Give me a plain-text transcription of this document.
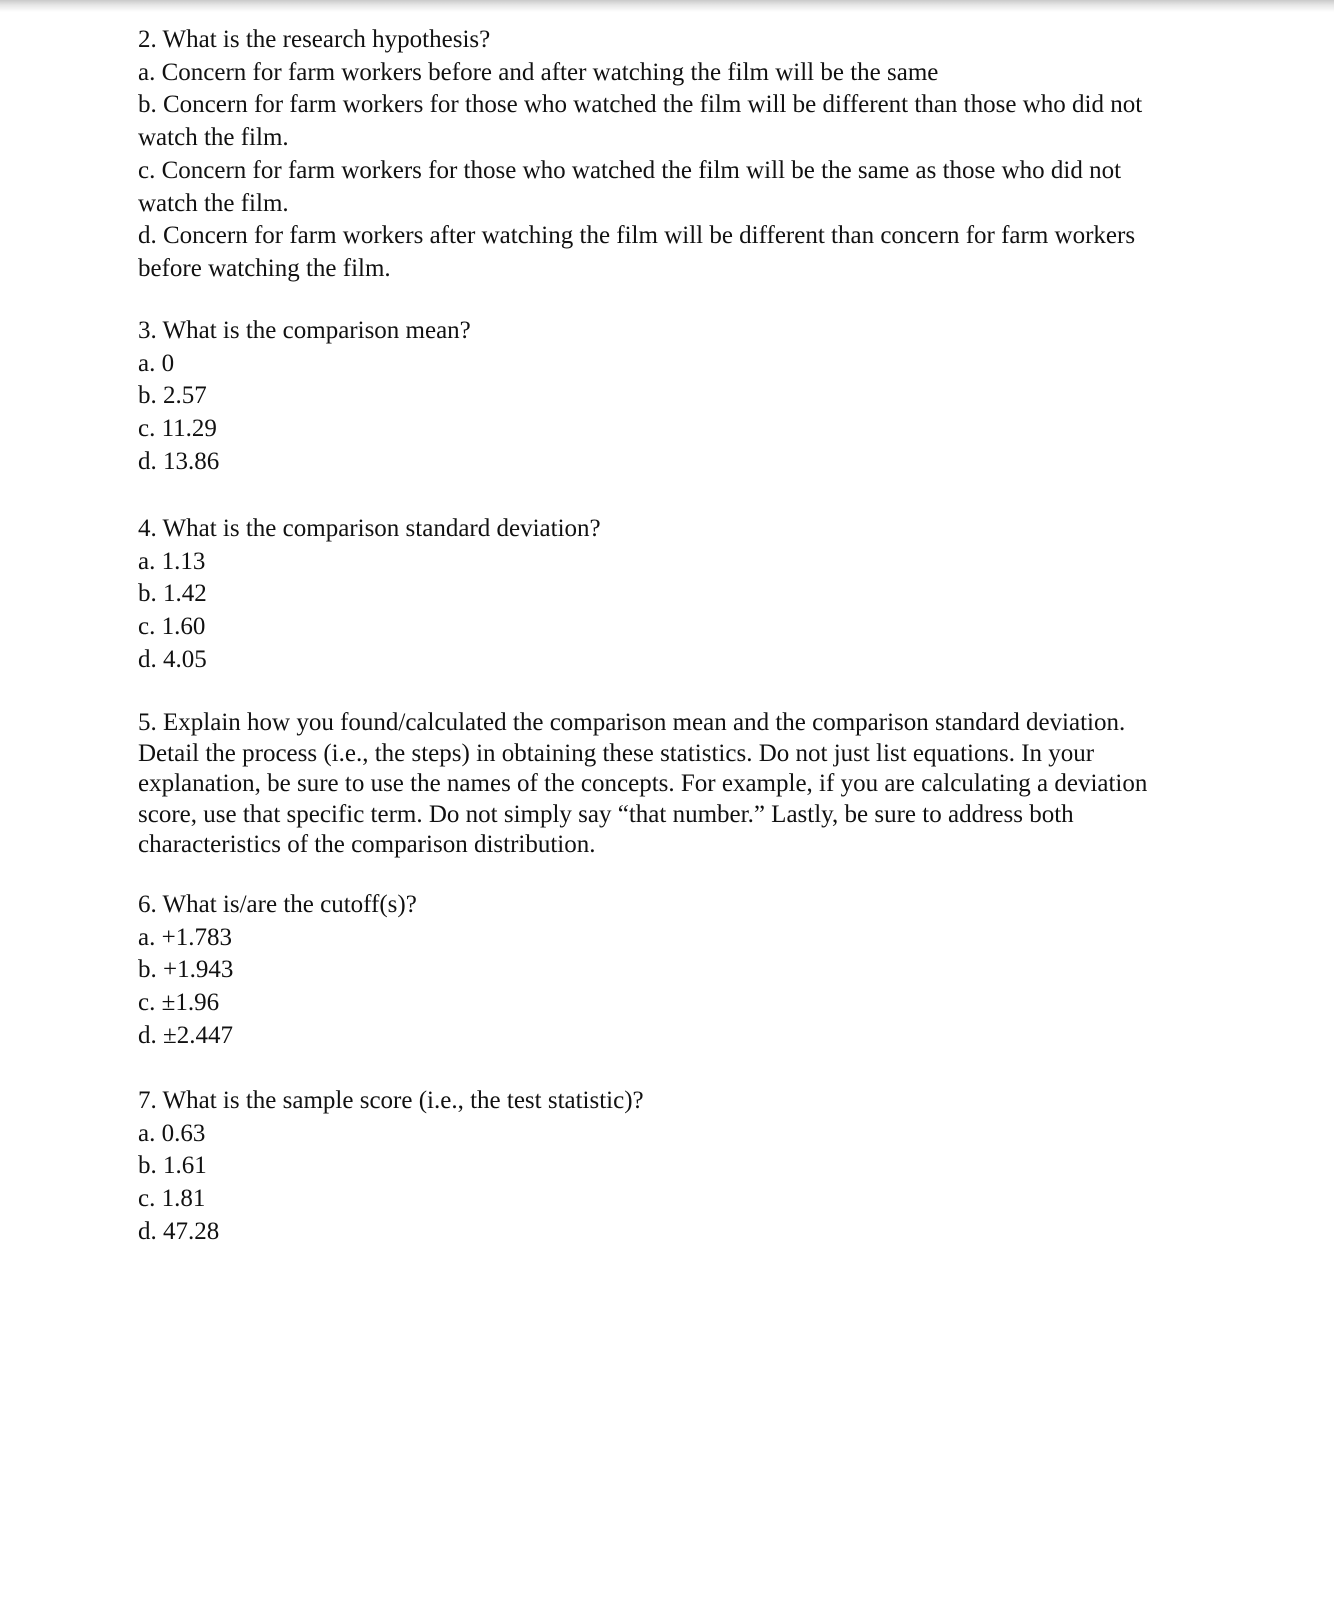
2. What is the research hypothesis?
a. Concern for farm workers before and after watching the film will be the same
b. Concern for farm workers for those who watched the film will be different than those who did not watch the film.
c. Concern for farm workers for those who watched the film will be the same as those who did not watch the film.
d. Concern for farm workers after watching the film will be different than concern for farm workers before watching the film.
3. What is the comparison mean?
a. 0
b. 2.57
c. 11.29
d. 13.86
4. What is the comparison standard deviation?
a. 1.13
b. 1.42
c. 1.60
d. 4.05
5. Explain how you found/calculated the comparison mean and the comparison standard deviation. Detail the process (i.e., the steps) in obtaining these statistics. Do not just list equations. In your explanation, be sure to use the names of the concepts. For example, if you are calculating a deviation score, use that specific term. Do not simply say “that number.” Lastly, be sure to address both characteristics of the comparison distribution.
6. What is/are the cutoff(s)?
a. +1.783
b. +1.943
c. ±1.96
d. ±2.447
7. What is the sample score (i.e., the test statistic)?
a. 0.63
b. 1.61
c. 1.81
d. 47.28
